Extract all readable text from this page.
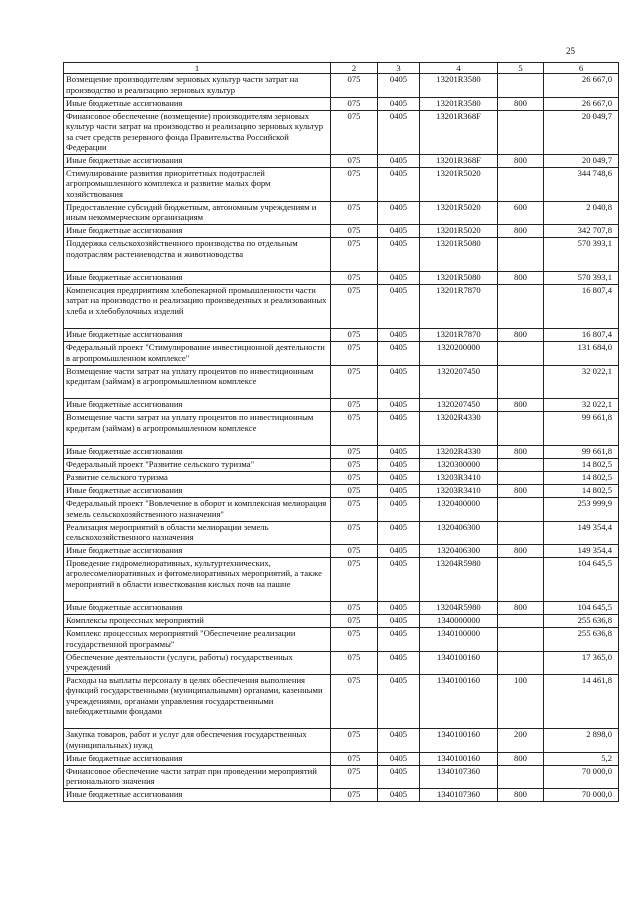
25
1	2	3	4	5	6
Возмещение производителям зерновых культур части затрат на производство и реализацию зерновых культур	075	0405	13201R3580		26 667,0
Иные бюджетные ассигнования	075	0405	13201R3580	800	26 667,0
Финансовое обеспечение (возмещение) производителям зерновых культур части затрат на производство и реализацию зерновых культур за счет средств резервного фонда Правительства Российской Федерации	075	0405	13201R368F		20 049,7
Иные бюджетные ассигнования	075	0405	13201R368F	800	20 049,7
Стимулирование развития приоритетных подотраслей агропромышленного комплекса и развитие малых форм хозяйствования	075	0405	13201R5020		344 748,6
Предоставление субсидий бюджетным, автономным учреждениям и иным некоммерческим организациям	075	0405	13201R5020	600	2 040,8
Иные бюджетные ассигнования	075	0405	13201R5020	800	342 707,8
Поддержка сельскохозяйственного производства по отдельным подотраслям растениеводства и животноводства	075	0405	13201R5080		570 393,1
Иные бюджетные ассигнования	075	0405	13201R5080	800	570 393,1
Компенсация предприятиям хлебопекарной промышленности части затрат на производство и реализацию произведенных и реализованных хлеба и хлебобулочных изделий	075	0405	13201R7870		16 807,4
Иные бюджетные ассигнования	075	0405	13201R7870	800	16 807,4
Федеральный проект "Стимулирование инвестиционной деятельности в агропромышленном комплексе"	075	0405	1320200000		131 684,0
Возмещение части затрат на уплату процентов по инвестиционным кредитам (займам) в агропромышленном комплексе	075	0405	1320207450		32 022,1
Иные бюджетные ассигнования	075	0405	1320207450	800	32 022,1
Возмещение части затрат на уплату процентов по инвестиционным кредитам (займам) в агропромышленном комплексе	075	0405	13202R4330		99 661,8
Иные бюджетные ассигнования	075	0405	13202R4330	800	99 661,8
Федеральный проект "Развитие сельского туризма"	075	0405	1320300000		14 802,5
Развитие сельского туризма	075	0405	13203R3410		14 802,5
Иные бюджетные ассигнования	075	0405	13203R3410	800	14 802,5
Федеральный проект "Вовлечение в оборот и комплексная мелиорация земель сельскохозяйственного назначения"	075	0405	1320400000		253 999,9
Реализация мероприятий в области мелиорации земель сельскохозяйственного назначения	075	0405	1320406300		149 354,4
Иные бюджетные ассигнования	075	0405	1320406300	800	149 354,4
Проведение гидромелиоративных, культуртехнических, агролесомелиоративных и фитомелиоративных мероприятий, а также мероприятий в области известкования кислых почв на пашне	075	0405	13204R5980		104 645,5
Иные бюджетные ассигнования	075	0405	13204R5980	800	104 645,5
Комплексы процессных мероприятий	075	0405	1340000000		255 636,8
Комплекс процессных мероприятий "Обеспечение реализации государственной программы"	075	0405	1340100000		255 636,8
Обеспечение деятельности (услуги, работы) государственных учреждений	075	0405	1340100160		17 365,0
Расходы на выплаты персоналу в целях обеспечения выполнения функций государственными (муниципальными) органами, казенными учреждениями, органами управления государственными внебюджетными фондами	075	0405	1340100160	100	14 461,8
Закупка товаров, работ и услуг для обеспечения государственных (муниципальных) нужд	075	0405	1340100160	200	2 898,0
Иные бюджетные ассигнования	075	0405	1340100160	800	5,2
Финансовое обеспечение части затрат при проведении мероприятий регионального значения	075	0405	1340107360		70 000,0
Иные бюджетные ассигнования	075	0405	1340107360	800	70 000,0
